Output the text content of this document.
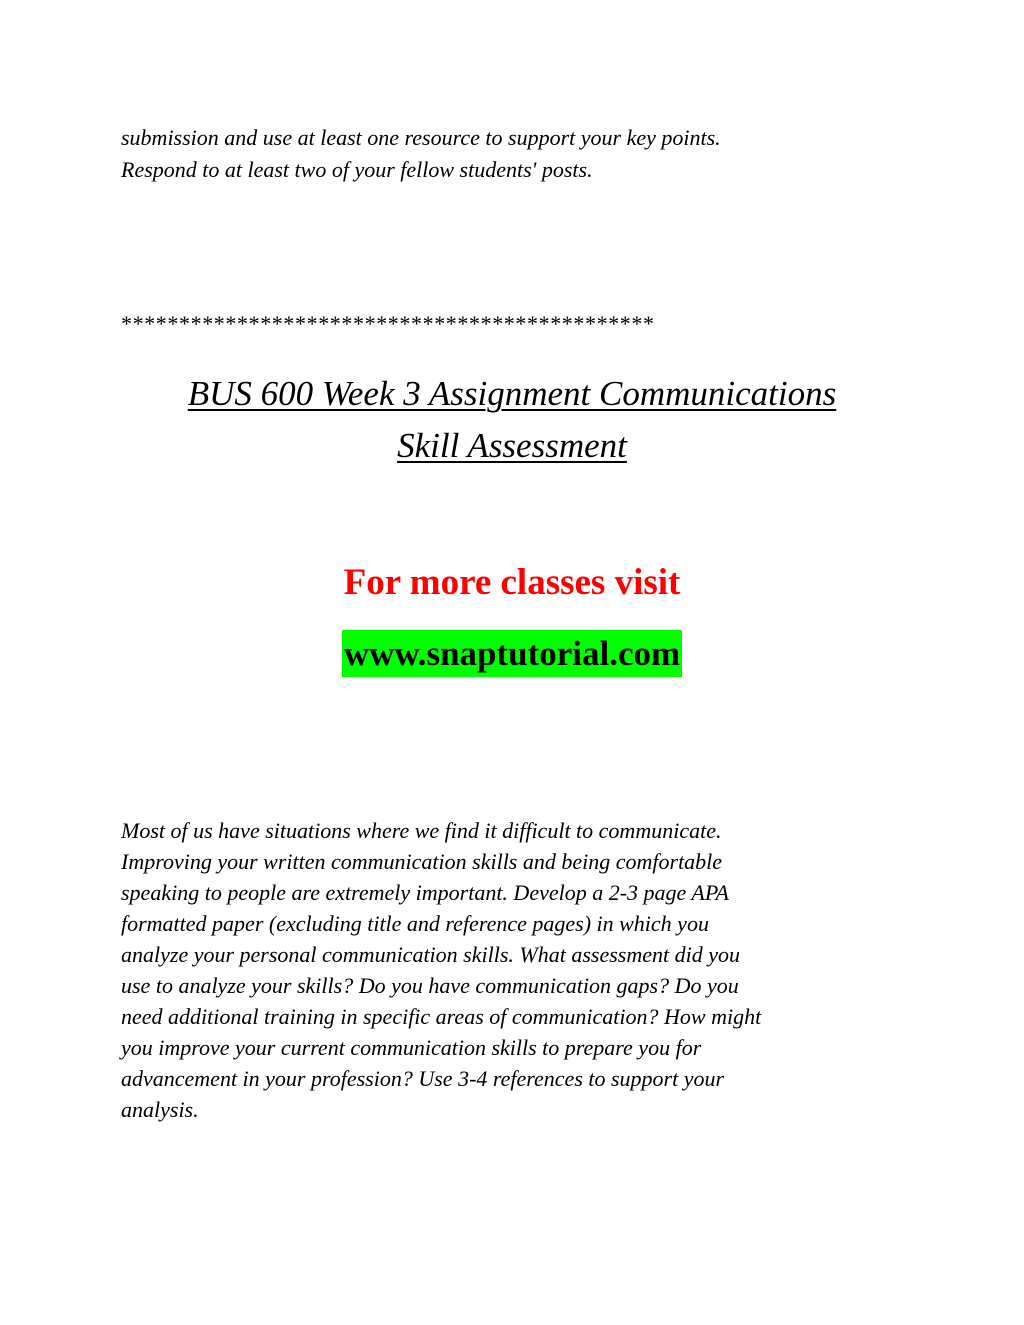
submission and use at least one resource to support your key points.
Respond to at least two of your fellow students' posts.
**********************************************
BUS 600 Week 3 Assignment Communications
Skill Assessment
For more classes visit
www.snaptutorial.com
Most of us have situations where we find it difficult to communicate.
Improving your written communication skills and being comfortable
speaking to people are extremely important. Develop a 2-3 page APA
formatted paper (excluding title and reference pages) in which you
analyze your personal communication skills. What assessment did you
use to analyze your skills? Do you have communication gaps? Do you
need additional training in specific areas of communication? How might
you improve your current communication skills to prepare you for
advancement in your profession? Use 3-4 references to support your
analysis.
